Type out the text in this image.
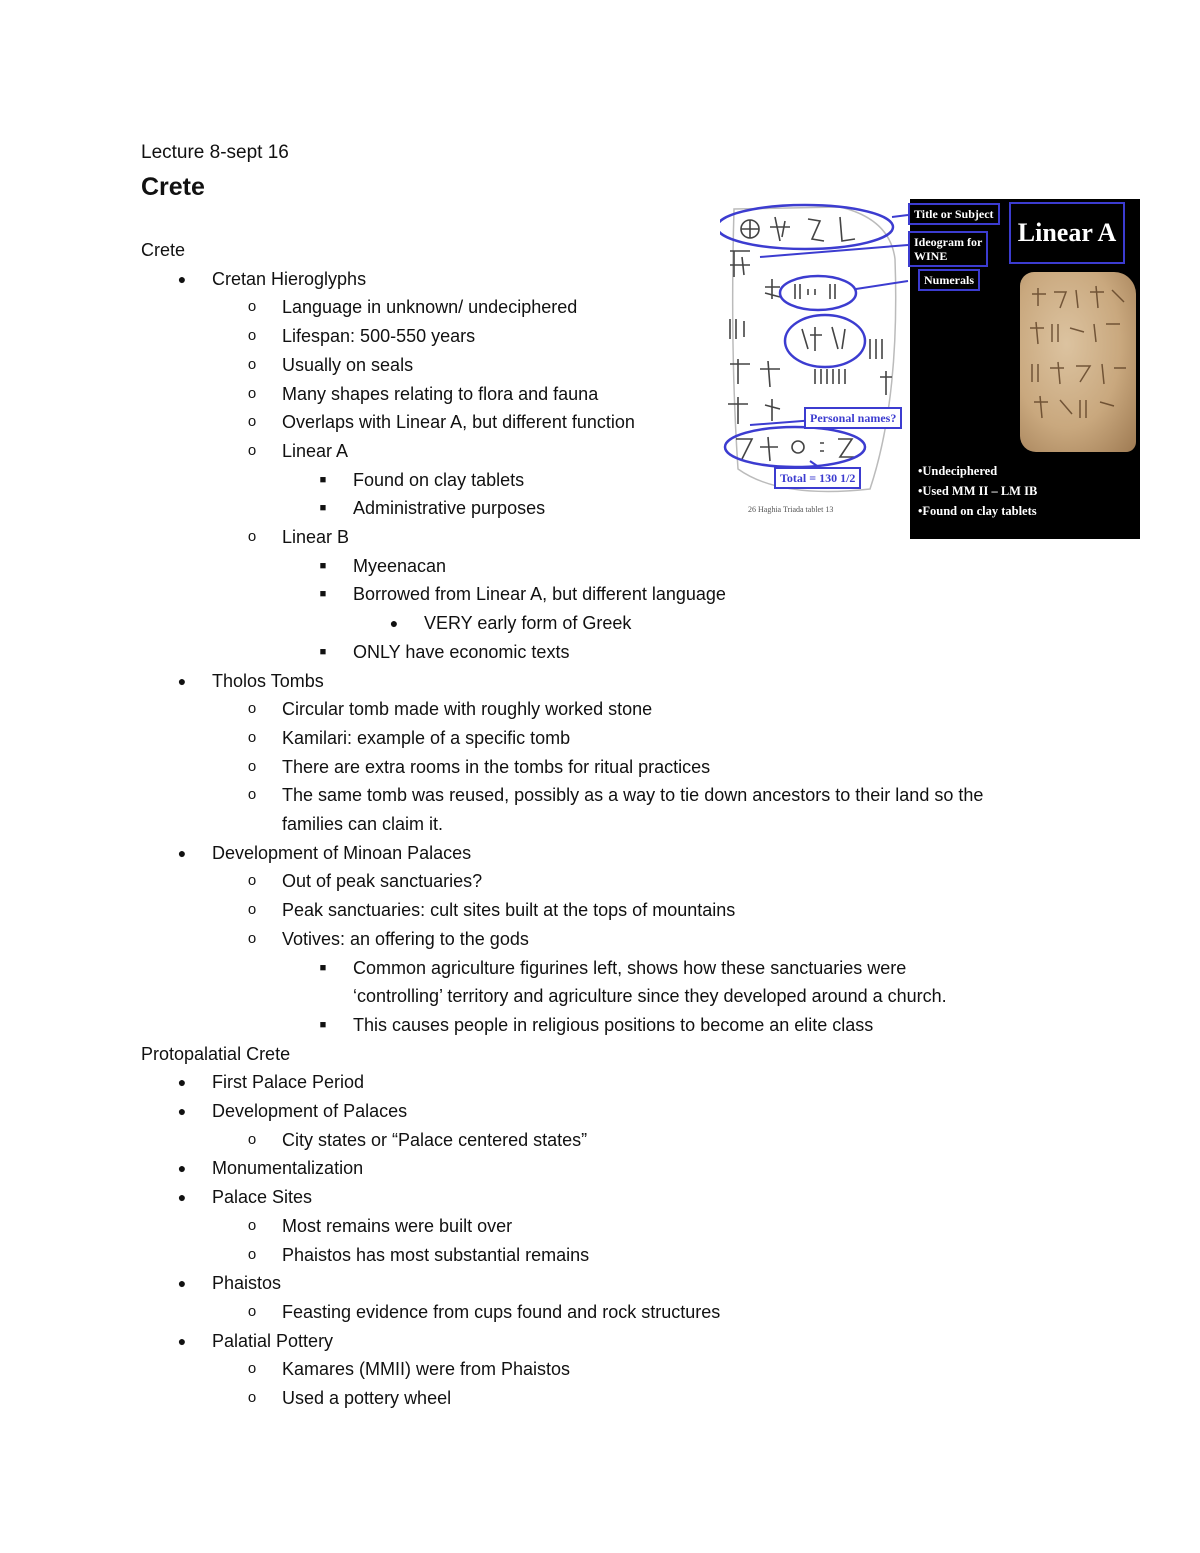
Lecture 8-sept 16
Crete
Crete
●	Cretan Hieroglyphs
o	Language in unknown/ undeciphered
o	Lifespan: 500-550 years
o	Usually on seals
o	Many shapes relating to flora and fauna
o	Overlaps with Linear A, but different function
o	Linear A
■	Found on clay tablets
■	Administrative purposes
o	Linear B
■	Myeenacan
■	Borrowed from Linear A, but different language
●	VERY early form of Greek
■	ONLY have economic texts
●	Tholos Tombs
o	Circular tomb made with roughly worked stone
o	Kamilari: example of a specific tomb
o	There are extra rooms in the tombs for ritual practices
o	The same tomb was reused, possibly as a way to tie down ancestors to their land so the
families can claim it.
●	Development of Minoan Palaces
o	Out of peak sanctuaries?
o	Peak sanctuaries: cult sites built at the tops of mountains
o	Votives: an offering to the gods
■	Common agriculture figurines left, shows how these sanctuaries were
‘controlling’ territory and agriculture since they developed around a church.
■	This causes people in religious positions to become an elite class
Protopalatial Crete
●	First Palace Period
●	Development of Palaces
o	City states or “Palace centered states”
●	Monumentalization
●	Palace Sites
o	Most remains were built over
o	Phaistos has most substantial remains
●	Phaistos
o	Feasting evidence from cups found and rock structures
●	Palatial Pottery
o	Kamares (MMII) were from Phaistos
o	Used a pottery wheel
26 Haghia Triada tablet 13
Title or Subject
Ideogram for
WINE
Numerals
Personal names?
Total = 130 1/2
Linear A
•Undeciphered
•Used MM II – LM IB
•Found on clay tablets
